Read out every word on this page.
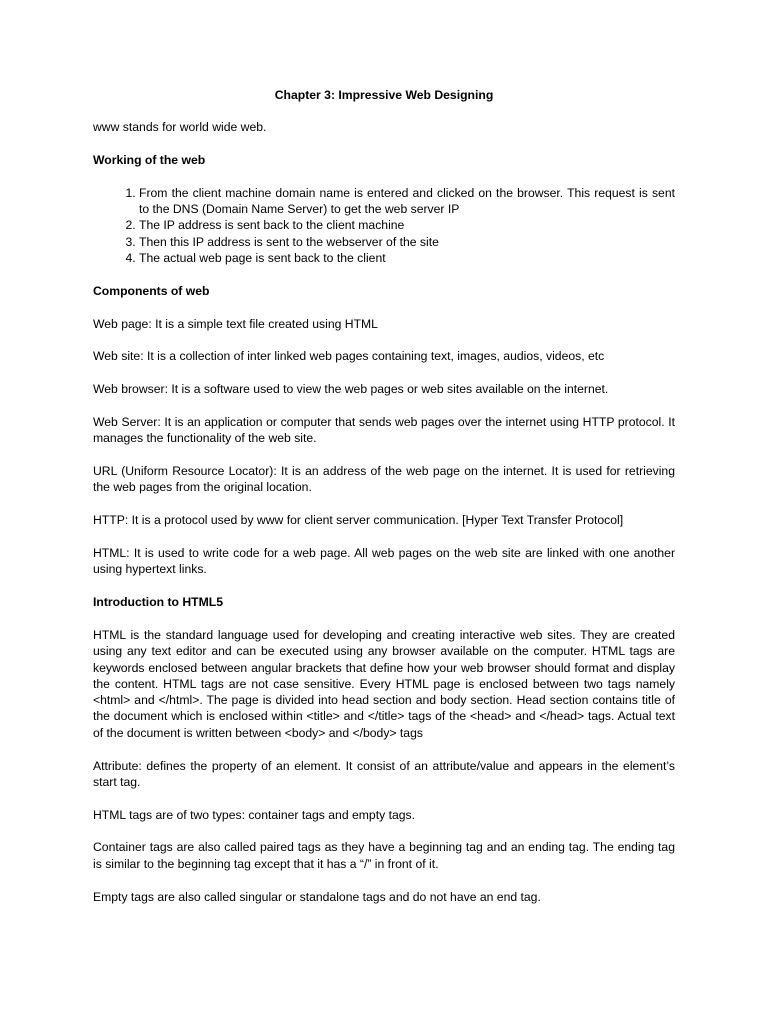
Chapter 3: Impressive Web Designing

www stands for world wide web.

Working of the web

1. From the client machine domain name is entered and clicked on the browser. This request is sent to the DNS (Domain Name Server) to get the web server IP
2. The IP address is sent back to the client machine
3. Then this IP address is sent to the webserver of the site
4. The actual web page is sent back to the client

Components of web

Web page: It is a simple text file created using HTML

Web site: It is a collection of inter linked web pages containing text, images, audios, videos, etc

Web browser: It is a software used to view the web pages or web sites available on the internet.

Web Server: It is an application or computer that sends web pages over the internet using HTTP protocol. It manages the functionality of the web site.

URL (Uniform Resource Locator): It is an address of the web page on the internet. It is used for retrieving the web pages from the original location.

HTTP: It is a protocol used by www for client server communication. [Hyper Text Transfer Protocol]

HTML: It is used to write code for a web page. All web pages on the web site are linked with one another using hypertext links.

Introduction to HTML5

HTML is the standard language used for developing and creating interactive web sites. They are created using any text editor and can be executed using any browser available on the computer. HTML tags are keywords enclosed between angular brackets that define how your web browser should format and display the content. HTML tags are not case sensitive. Every HTML page is enclosed between two tags namely <html> and </html>. The page is divided into head section and body section. Head section contains title of the document which is enclosed within <title> and </title> tags of the <head> and </head> tags. Actual text of the document is written between <body> and </body> tags

Attribute: defines the property of an element. It consist of an attribute/value and appears in the element’s start tag.

HTML tags are of two types: container tags and empty tags.

Container tags are also called paired tags as they have a beginning tag and an ending tag. The ending tag is similar to the beginning tag except that it has a “/” in front of it.

Empty tags are also called singular or standalone tags and do not have an end tag.
